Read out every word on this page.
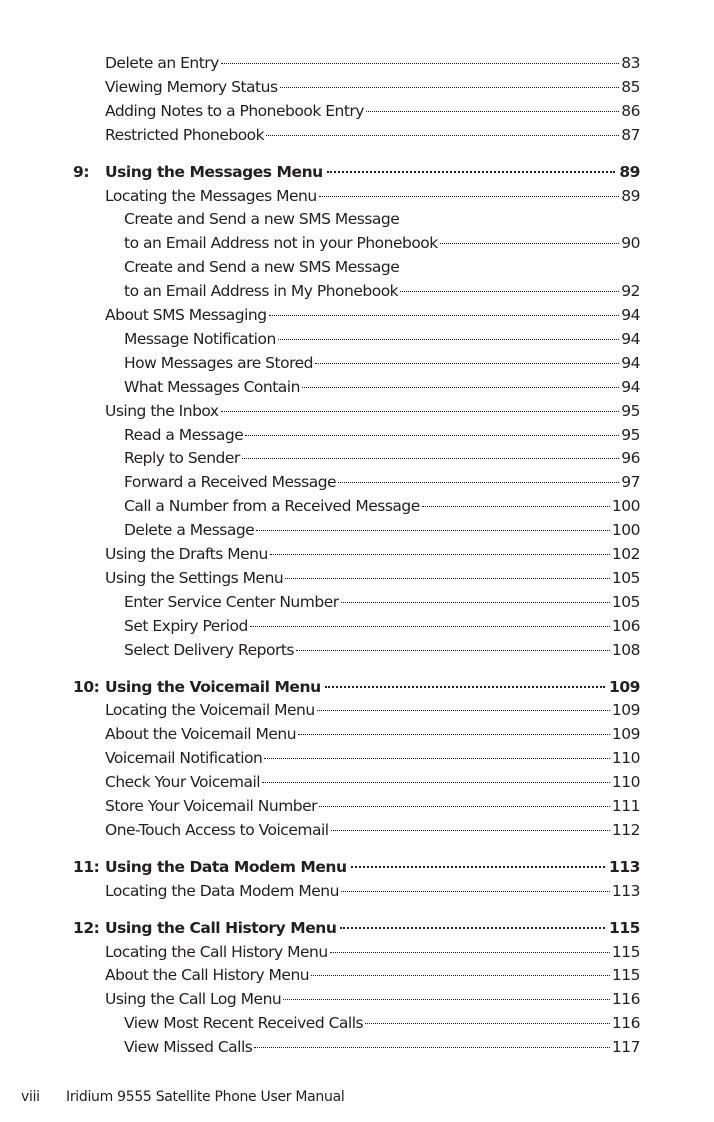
Delete an Entry	83
Viewing Memory Status	85
Adding Notes to a Phonebook Entry	86
Restricted Phonebook	87
9:	Using the Messages Menu	89
Locating the Messages Menu	89
Create and Send a new SMS Message
to an Email Address not in your Phonebook	90
Create and Send a new SMS Message
to an Email Address in My Phonebook	92
About SMS Messaging	94
Message Notification	94
How Messages are Stored	94
What Messages Contain	94
Using the Inbox	95
Read a Message	95
Reply to Sender	96
Forward a Received Message	97
Call a Number from a Received Message	100
Delete a Message	100
Using the Drafts Menu	102
Using the Settings Menu	105
Enter Service Center Number	105
Set Expiry Period	106
Select Delivery Reports	108
10: Using the Voicemail Menu	109
Locating the Voicemail Menu	109
About the Voicemail Menu	109
Voicemail Notification	110
Check Your Voicemail	110
Store Your Voicemail Number	111
One-Touch Access to Voicemail	112
11: Using the Data Modem Menu	113
Locating the Data Modem Menu	113
12: Using the Call History Menu	115
Locating the Call History Menu	115
About the Call History Menu	115
Using the Call Log Menu	116
View Most Recent Received Calls	116
View Missed Calls	117
viii Iridium 9555 Satellite Phone User Manual
